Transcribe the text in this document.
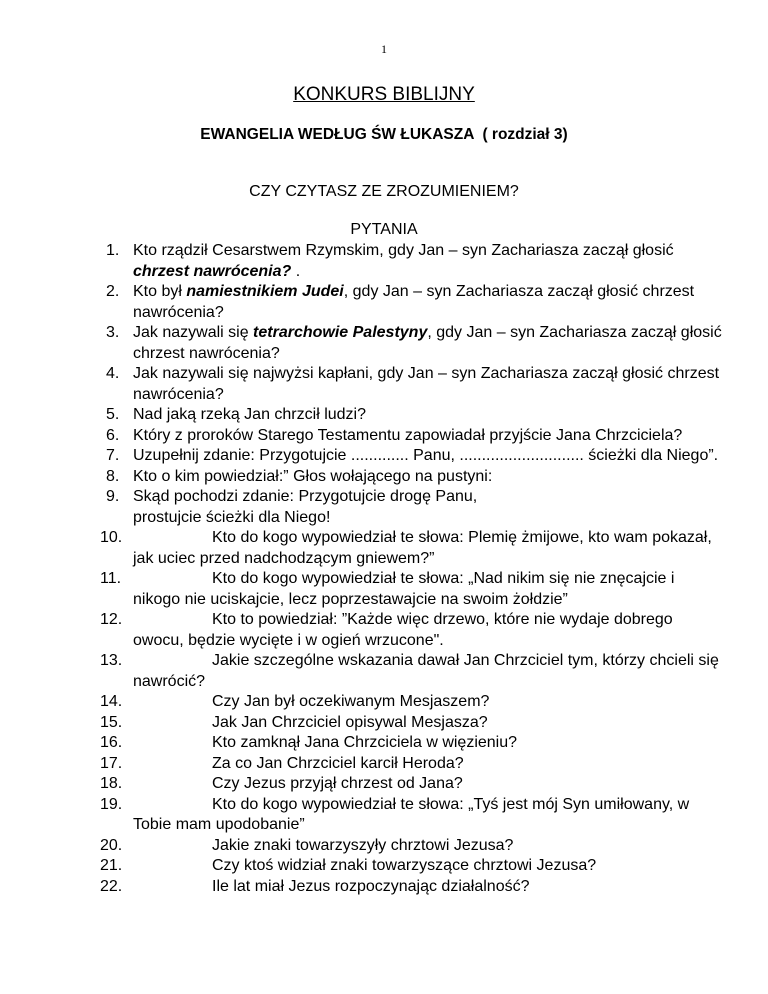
1
KONKURS BIBLIJNY
EWANGELIA WEDŁUG ŚW ŁUKASZA  ( rozdział 3)
CZY CZYTASZ ZE ZROZUMIENIEM?
PYTANIA
1. Kto rządził Cesarstwem Rzymskim, gdy Jan – syn Zachariasza zaczął głosić chrzest nawrócenia? .
2. Kto był namiestnikiem Judei, gdy Jan – syn Zachariasza zaczął głosić chrzest nawrócenia?
3. Jak nazywali się tetrarchowie Palestyny, gdy Jan – syn Zachariasza zaczął głosić chrzest nawrócenia?
4. Jak nazywali się najwyżsi kapłani, gdy Jan – syn Zachariasza zaczął głosić chrzest nawrócenia?
5. Nad jaką rzeką Jan chrzcił ludzi?
6. Który z proroków Starego Testamentu zapowiadał przyjście Jana Chrzciciela?
7. Uzupełnij zdanie: Przygotujcie ............. Panu, ............................ ścieżki dla Niego”.
8. Kto o kim powiedział:” Głos wołającego na pustyni:
9. Skąd pochodzi zdanie: Przygotujcie drogę Panu, prostujcie ścieżki dla Niego!
10.	Kto do kogo wypowiedział te słowa: Plemię żmijowe, kto wam pokazał, jak uciec przed nadchodzącym gniewem?”
11.	Kto do kogo wypowiedział te słowa: „Nad nikim się nie znęcajcie i nikogo nie uciskajcie, lecz poprzestawajcie na swoim żołdzie”
12.	Kto to powiedział: ”Każde więc drzewo, które nie wydaje dobrego owocu, będzie wycięte i w ogień wrzucone".
13.	Jakie szczególne wskazania dawał Jan Chrzciciel tym, którzy chcieli się nawrócić?
14.	Czy Jan był oczekiwanym Mesjaszem?
15.	Jak Jan Chrzciciel opisywal Mesjasza?
16.	Kto zamknął Jana Chrzciciela w więzieniu?
17.	Za co Jan Chrzciciel karcił Heroda?
18.	Czy Jezus przyjął chrzest od Jana?
19.	Kto do kogo wypowiedział te słowa: „Tyś jest mój Syn umiłowany, w Tobie mam upodobanie”
20.	Jakie znaki towarzyszyły chrztowi Jezusa?
21.	Czy ktoś widział znaki towarzyszące chrztowi Jezusa?
22.	Ile lat miał Jezus rozpoczynając działalność?
